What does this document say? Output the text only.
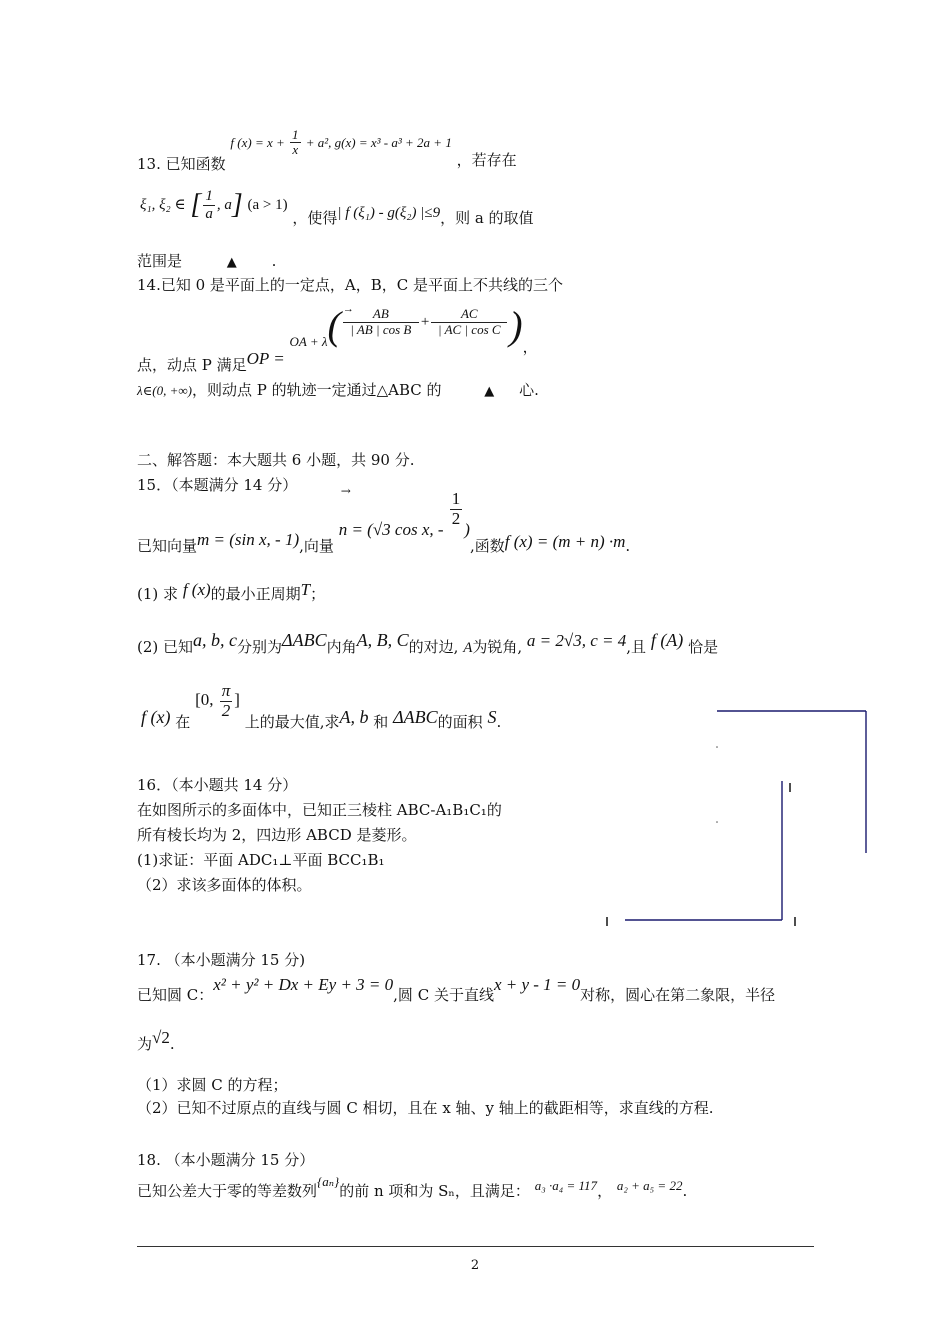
13. 已知函数 f $(x) = x + \frac{1}{x} + a^2$, g(x) = x³ - a³ + 2a + 1 ，若存在
ξ₁, ξ₂ ∈ [ $\frac{1}{a}$ , a] (a > 1) ，使得| f (ξ₁) - g(ξ₂) |≤9，则 a 的取值
范围是	▲ .
14.已知 0 是平面上的一定点，A，B，C 是平面上不共线的三个
点，动点 P 满足OP = OA + $\lambda( \frac{\to AB}{\text{| AB | cos B}} + \frac{AC}{\text{| AC | cos C}}$ )，
λ∈(0, +∞)，则动点 P 的轨迹一定通过△ABC 的	▲ 心.
二、解答题：本大题共 6 小题，共 90 分.
15．（本题满分 14 分）
已知向量m = (sin x, - 1),向量
→
n = (√3 cos x, -
$\frac{1}{2}$
),函数f (x) = (m + n) ·m.
(1) 求 f (x)的最小正周期T；
(2) 已知a, b, c分别为ΔABC内角A, B, C的对边, A为锐角, a = 2√3, c = 4,且 f (A) 恰是
f (x) 在 [0, $\frac{\pi}{2}$ ] 上的最大值,求A, b 和 ΔABC的面积 S.
16．（本小题共 14 分）
在如图所示的多面体中，已知正三棱柱 ABC-A₁B₁C₁的
所有棱长均为 2，四边形 ABCD 是菱形。
(1)求证：平面 ADC₁⊥平面 BCC₁B₁
（2）求该多面体的体积。
17. （本小题满分 15 分)
已知圆 C：x² + y² + Dx + Ey + 3 = 0,圆 C 关于直线x + y - 1 = 0对称，圆心在第二象限，半径
为√2.
（1）求圆 C 的方程；
（2）已知不过原点的直线与圆 C 相切，且在 x 轴、y 轴上的截距相等，求直线的方程.
18. （本小题满分 15 分）
已知公差大于零的等差数列{aₙ}的前 n 项和为 Sₙ，且满足： a₃ ·a₄ = 117， a₂ + a₅ = 22.
2
